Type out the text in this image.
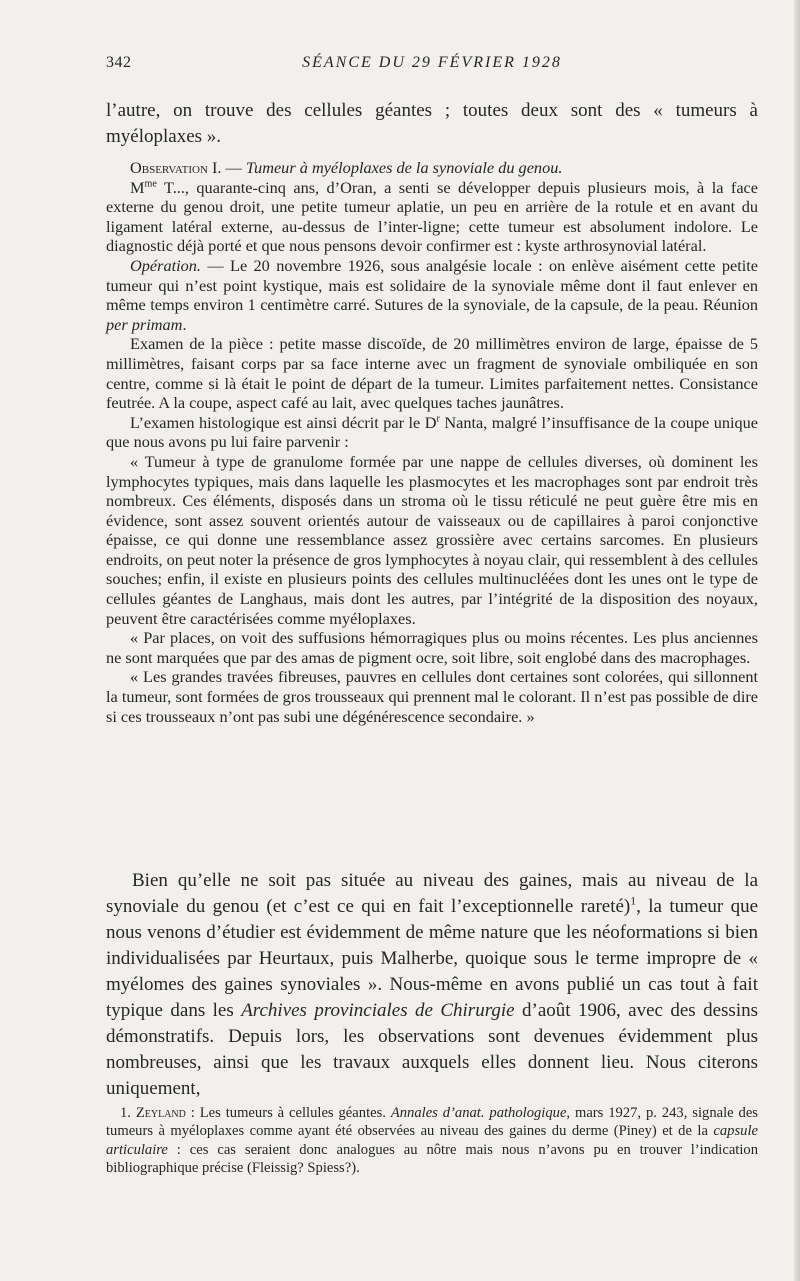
342	SÉANCE DU 29 FÉVRIER 1928

l’autre, on trouve des cellules géantes ; toutes deux sont des « tumeurs à

myéloplaxes ».

Observation I. — Tumeur à myéloplaxes de la synoviale du genou.

$M^{me}$ T..., quarante-cinq ans, d’Oran, a senti se développer depuis plusieurs mois, à la face externe du genou droit, une petite tumeur aplatie, un peu en arrière de la rotule et en avant du ligament latéral externe, au-dessus de l’inter-ligne; cette tumeur est absolument indolore. Le diagnostic déjà porté et que nous pensons devoir confirmer est : kyste arthrosynovial latéral.

Opération. — Le 20 novembre 1926, sous analgésie locale : on enlève aisément cette petite tumeur qui n’est point kystique, mais est solidaire de la synoviale même dont il faut enlever en même temps environ 1 centimètre carré. Sutures de la synoviale, de la capsule, de la peau. Réunion per primam.

Examen de la pièce : petite masse discoïde, de 20 millimètres environ de large, épaisse de 5 millimètres, faisant corps par sa face interne avec un fragment de synoviale ombiliquée en son centre, comme si là était le point de départ de la tumeur. Limites parfaitement nettes. Consistance feutrée. A la coupe, aspect café au lait, avec quelques taches jaunâtres.

L’examen histologique est ainsi décrit par le $D^r$ Nanta, malgré l’insuffisance de la coupe unique que nous avons pu lui faire parvenir :

« Tumeur à type de granulome formée par une nappe de cellules diverses, où dominent les lymphocytes typiques, mais dans laquelle les plasmocytes et les macrophages sont par endroit très nombreux. Ces éléments, disposés dans un stroma où le tissu réticulé ne peut guère être mis en évidence, sont assez souvent orientés autour de vaisseaux ou de capillaires à paroi conjonctive épaisse, ce qui donne une ressemblance assez grossière avec certains sarcomes. En plusieurs endroits, on peut noter la présence de gros lymphocytes à noyau clair, qui ressemblent à des cellules souches; enfin, il existe en plusieurs points des cellules multinucléées dont les unes ont le type de cellules géantes de Langhaus, mais dont les autres, par l’intégrité de la disposition des noyaux, peuvent être caractérisées comme myéloplaxes.

« Par places, on voit des suffusions hémorragiques plus ou moins récentes. Les plus anciennes ne sont marquées que par des amas de pigment ocre, soit libre, soit englobé dans des macrophages.

« Les grandes travées fibreuses, pauvres en cellules dont certaines sont colorées, qui sillonnent la tumeur, sont formées de gros trousseaux qui prennent mal le colorant. Il n’est pas possible de dire si ces trousseaux n’ont pas subi une dégénérescence secondaire. »

Bien qu’elle ne soit pas située au niveau des gaines, mais au niveau de la synoviale du genou (et c’est ce qui en fait l’exceptionnelle rareté)$^1$, la tumeur que nous venons d’étudier est évidemment de même nature que les néoformations si bien individualisées par Heurtaux, puis Malherbe, quoique sous le terme impropre de « myélomes des gaines synoviales ». Nous-même en avons publié un cas tout à fait typique dans les Archives provinciales de Chirurgie d’août 1906, avec des dessins démonstratifs. Depuis lors, les observations sont devenues évidemment plus nombreuses, ainsi que les travaux auxquels elles donnent lieu. Nous citerons uniquement,

1. Zeyland : Les tumeurs à cellules géantes. Annales d’anat. pathologique, mars 1927, p. 243, signale des tumeurs à myéloplaxes comme ayant été observées au niveau des gaines du derme (Piney) et de la capsule articulaire : ces cas seraient donc analogues au nôtre mais nous n’avons pu en trouver l’indication bibliographique précise (Fleissig? Spiess?).
